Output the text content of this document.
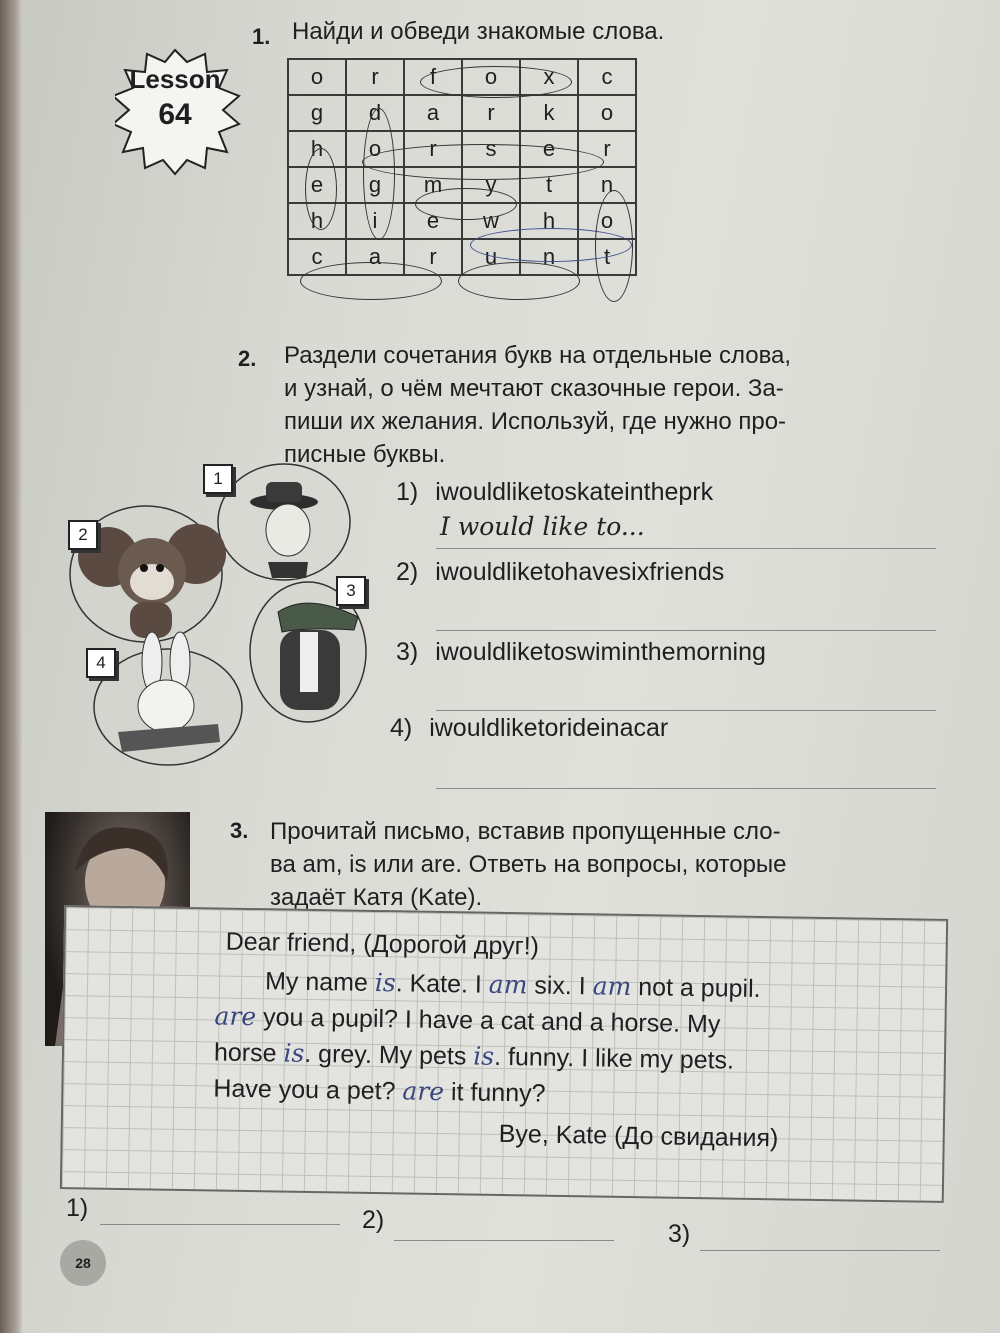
Lesson
64
1. Найди и обведи знакомые слова.
o	r	f	o	x	c
g	d	a	r	k	o
h	o	r	s	e	r
e	g	m	y	t	n
h	i	e	w	h	o
c	a	r	u	n	t
2. Раздели сочетания букв на отдельные слова,
и узнай, о чём мечтают сказочные герои. За-
пиши их желания. Используй, где нужно про-
писные буквы.
1
2
3
4
1) iwouldliketoskateintheprk
I would like to...
2) iwouldliketohavesixfriends
3) iwouldliketoswiminthemorning
4) iwouldliketorideinacar
3. Прочитай письмо, вставив пропущенные сло-
ва am, is или are. Ответь на вопросы, которые
задаёт Катя (Kate).
Dear friend, (Дорогой друг!)
My name is. Kate. I am six. I am not a pupil.
are you a pupil? I have a cat and a horse. My
horse is. grey. My pets is. funny. I like my pets.
Have you a pet? are it funny?
Bye, Kate (До свидания)
1)	2)	3)
28
